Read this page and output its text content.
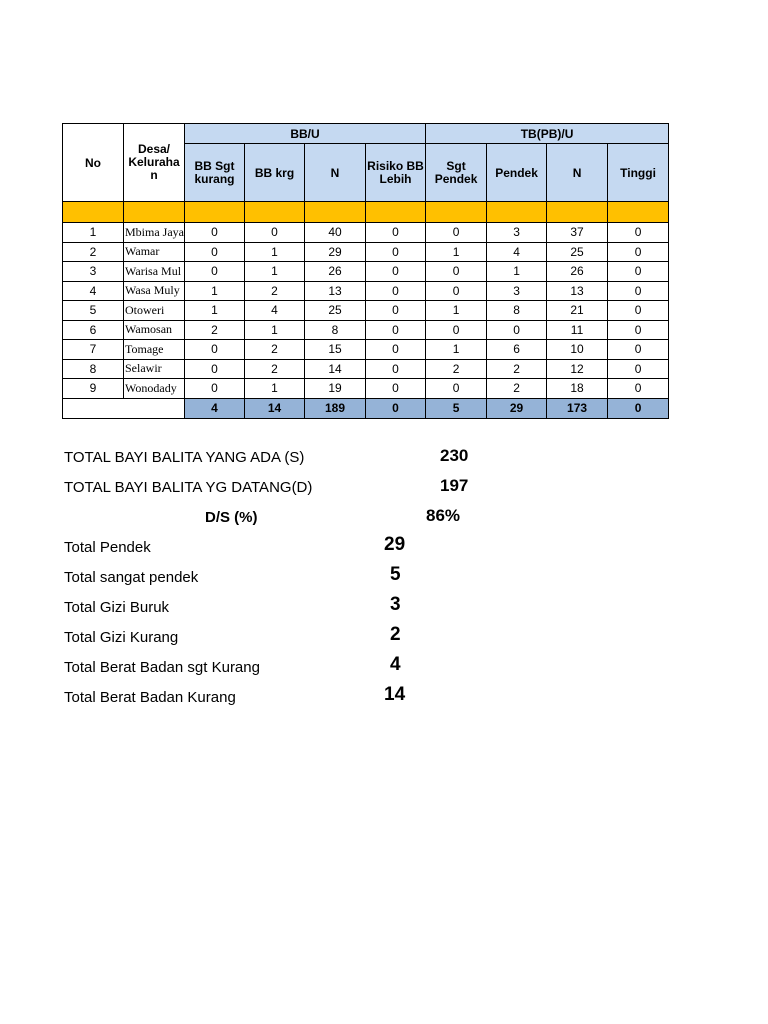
No	Desa/ Keluraha n	BB/U				TB(PB)/U			
		BB Sgt kurang	BB krg	N	Risiko BB Lebih	Sgt Pendek	Pendek	N	Tinggi

1	Mbima Jaya	0	0	40	0	0	3	37	0
2	Wamar	0	1	29	0	1	4	25	0
3	Warisa Mul	0	1	26	0	0	1	26	0
4	Wasa Muly	1	2	13	0	0	3	13	0
5	Otoweri	1	4	25	0	1	8	21	0
6	Wamosan	2	1	8	0	0	0	11	0
7	Tomage	0	2	15	0	1	6	10	0
8	Selawir	0	2	14	0	2	2	12	0
9	Wonodady	0	1	19	0	0	2	18	0
		4	14	189	0	5	29	173	0
TOTAL BAYI BALITA YANG ADA (S)	230
TOTAL BAYI BALITA YG DATANG(D)	197
D/S (%)	86%
Total Pendek	29
Total sangat pendek	5
Total Gizi Buruk	3
Total Gizi Kurang	2
Total Berat Badan sgt Kurang	4
Total Berat Badan Kurang	14
